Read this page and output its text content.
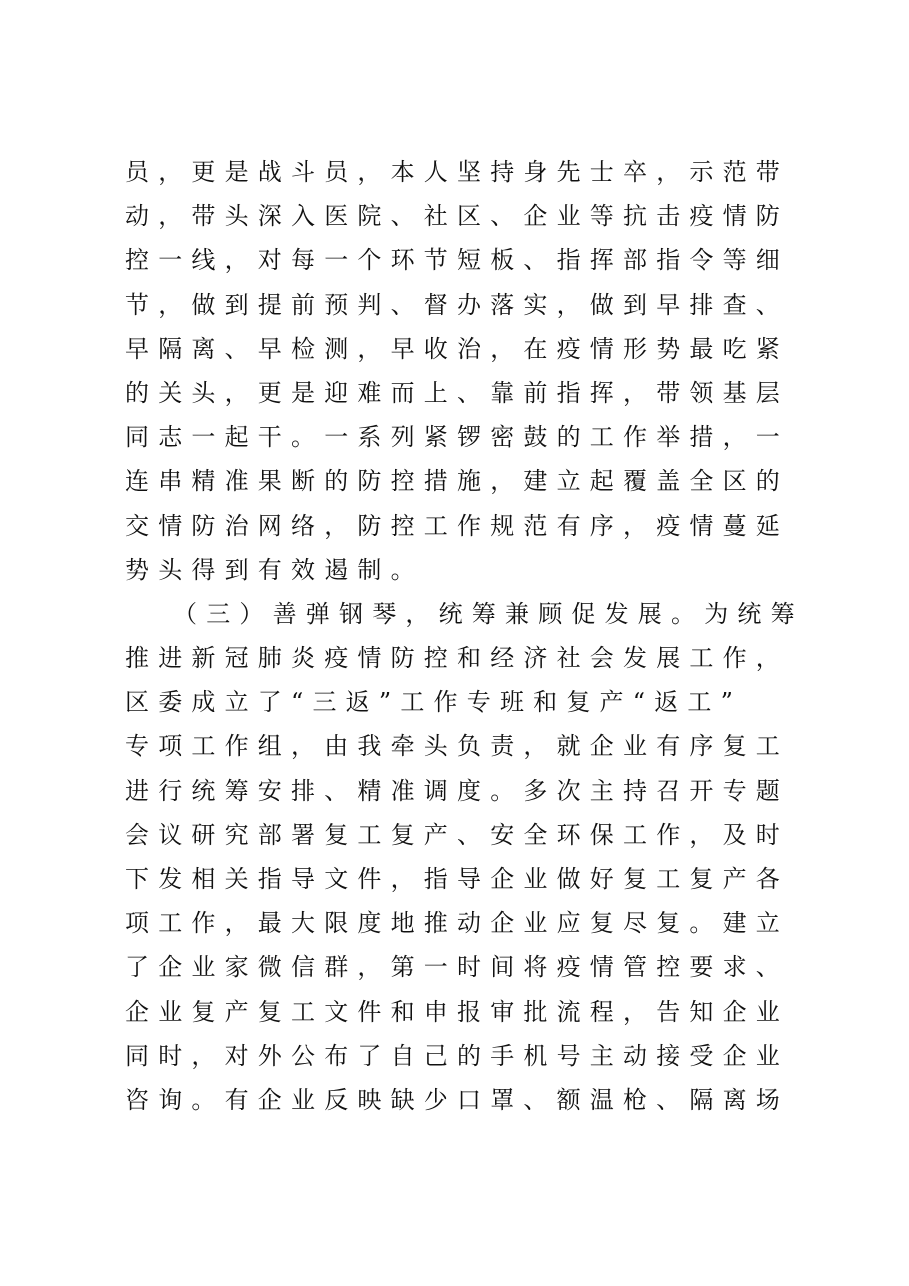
员，更是战斗员，本人坚持身先士卒，示范带
动，带头深入医院、社区、企业等抗击疫情防
控一线，对每一个环节短板、指挥部指令等细
节，做到提前预判、督办落实，做到早排查、
早隔离、早检测，早收治，在疫情形势最吃紧
的关头，更是迎难而上、靠前指挥，带领基层
同志一起干。一系列紧锣密鼓的工作举措，一
连串精准果断的防控措施，建立起覆盖全区的
交情防治网络，防控工作规范有序，疫情蔓延
势头得到有效遏制。

（三）善弹钢琴，统筹兼顾促发展。为统筹
推进新冠肺炎疫情防控和经济社会发展工作，
区委成立了“三返”工作专班和复产“返工”
专项工作组，由我牵头负责，就企业有序复工
进行统筹安排、精准调度。多次主持召开专题
会议研究部署复工复产、安全环保工作，及时
下发相关指导文件，指导企业做好复工复产各
项工作，最大限度地推动企业应复尽复。建立
了企业家微信群，第一时间将疫情管控要求、
企业复产复工文件和申报审批流程，告知企业
同时，对外公布了自己的手机号主动接受企业
咨询。有企业反映缺少口罩、额温枪、隔离场
